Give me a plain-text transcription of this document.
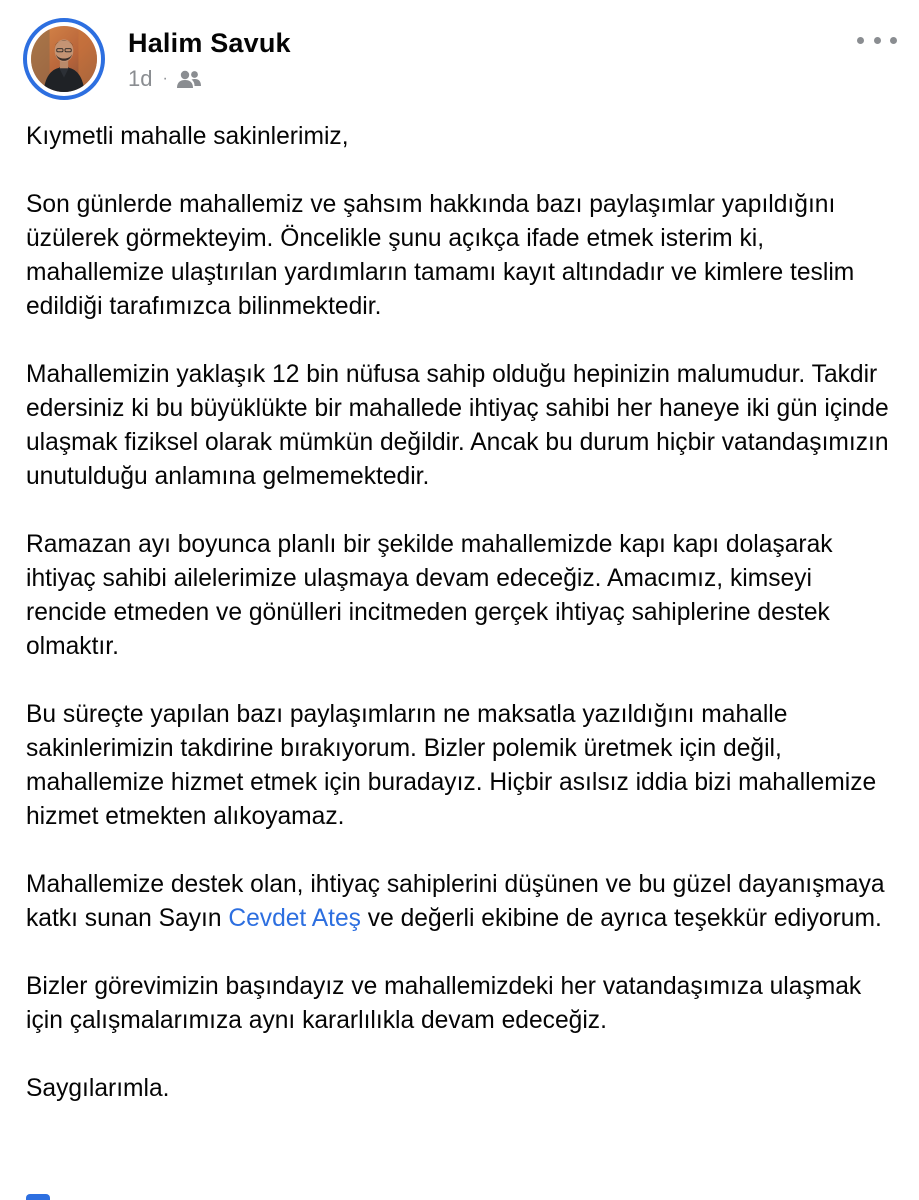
Halim Savuk
1d ·

Kıymetli mahalle sakinlerimiz,

Son günlerde mahallemiz ve şahsım hakkında bazı paylaşımlar yapıldığını üzülerek görmekteyim. Öncelikle şunu açıkça ifade etmek isterim ki, mahallemize ulaştırılan yardımların tamamı kayıt altındadır ve kimlere teslim edildiği tarafımızca bilinmektedir.

Mahallemizin yaklaşık 12 bin nüfusa sahip olduğu hepinizin malumudur. Takdir edersiniz ki bu büyüklükte bir mahallede ihtiyaç sahibi her haneye iki gün içinde ulaşmak fiziksel olarak mümkün değildir. Ancak bu durum hiçbir vatandaşımızın unutulduğu anlamına gelmemektedir.

Ramazan ayı boyunca planlı bir şekilde mahallemizde kapı kapı dolaşarak ihtiyaç sahibi ailelerimize ulaşmaya devam edeceğiz. Amacımız, kimseyi rencide etmeden ve gönülleri incitmeden gerçek ihtiyaç sahiplerine destek olmaktır.

Bu süreçte yapılan bazı paylaşımların ne maksatla yazıldığını mahalle sakinlerimizin takdirine bırakıyorum. Bizler polemik üretmek için değil, mahallemize hizmet etmek için buradayız. Hiçbir asılsız iddia bizi mahallemize hizmet etmekten alıkoyamaz.

Mahallemize destek olan, ihtiyaç sahiplerini düşünen ve bu güzel dayanışmaya katkı sunan Sayın Cevdet Ateş ve değerli ekibine de ayrıca teşekkür ediyorum.

Bizler görevimizin başındayız ve mahallemizdeki her vatandaşımıza ulaşmak için çalışmalarımıza aynı kararlılıkla devam edeceğiz.

Saygılarımla.
